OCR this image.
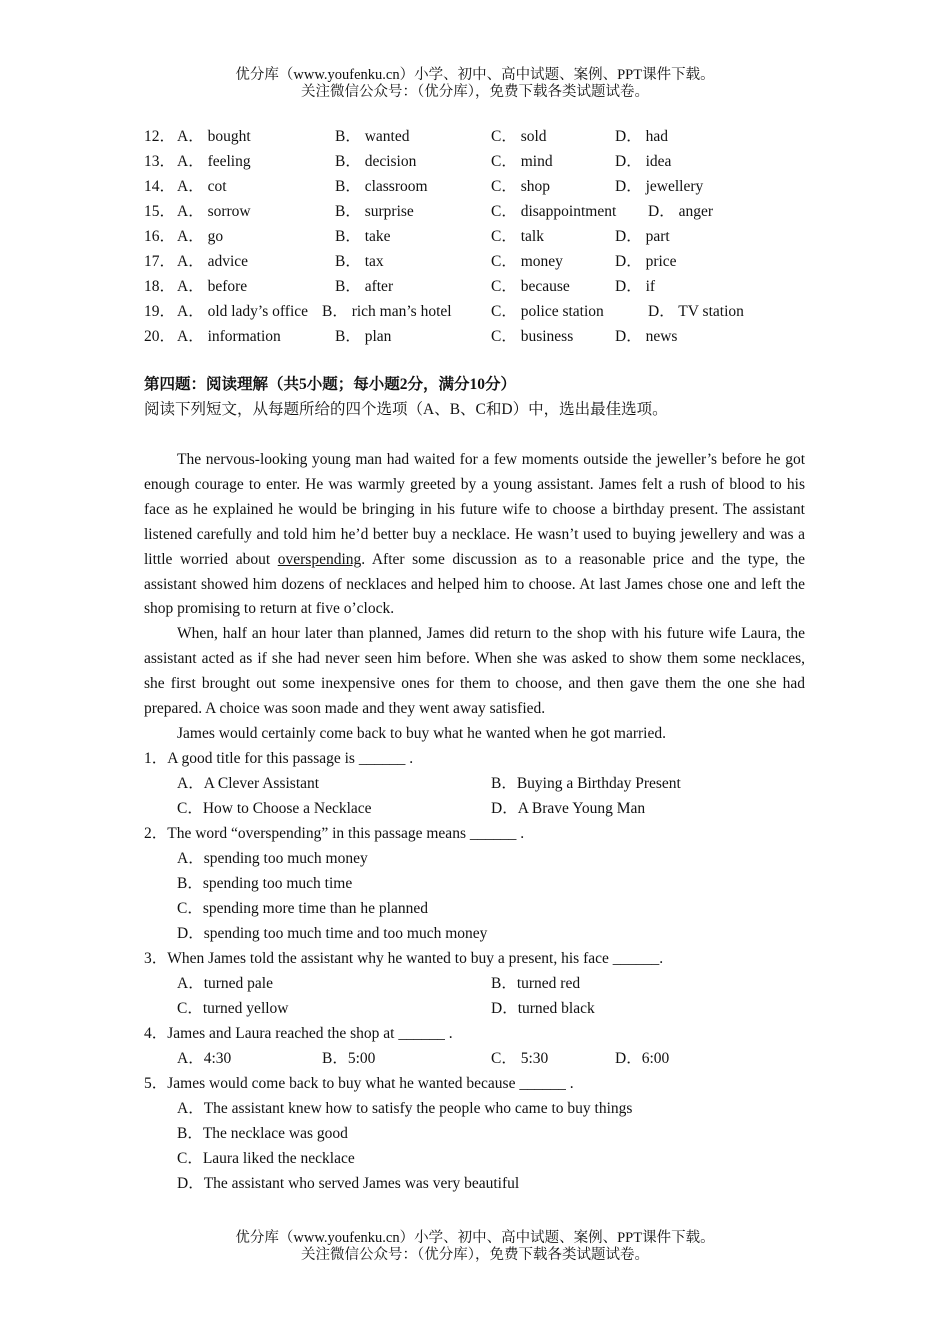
优分库（www.youfenku.cn）小学、初中、高中试题、案例、PPT课件下载。
关注微信公众号：（优分库），免费下载各类试题试卷。
12． A． bought	B． wanted	C． sold	D． had
13． A． feeling	B． decision	C． mind	D． idea
14． A． cot	B． classroom	C． shop	D． jewellery
15． A． sorrow	B． surprise	C． disappointment D． anger
16． A． go	B． take	C． talk	D． part
17． A． advice	B． tax	C． money	D． price
18． A． before	B． after	C． because	D． if
19． A． old lady’s office B． rich man’s hotel	C． police station	D． TV station
20． A． information	B． plan	C． business	D． news
第四题：阅读理解（共5小题；每小题2分，满分10分）
阅读下列短文，从每题所给的四个选项（A、B、C和D）中，选出最佳选项。

The nervous-looking young man had waited for a few moments outside the jeweller’s before he got enough courage to enter. He was warmly greeted by a young assistant. James felt a rush of blood to his face as he explained he would be bringing in his future wife to choose a birthday present. The assistant listened carefully and told him he’d better buy a necklace. He wasn’t used to buying jewellery and was a little worried about overspending. After some discussion as to a reasonable price and the type, the assistant showed him dozens of necklaces and helped him to choose. At last James chose one and left the shop promising to return at five o’clock.

When, half an hour later than planned, James did return to the shop with his future wife Laura, the assistant acted as if she had never seen him before. When she was asked to show them some necklaces, she first brought out some inexpensive ones for them to choose, and then gave them the one she had prepared. A choice was soon made and they went away satisfied.

James would certainly come back to buy what he wanted when he got married.

1．A good title for this passage is ______ .
A．A Clever Assistant	B．Buying a Birthday Present
C．How to Choose a Necklace	D．A Brave Young Man
2．The word “overspending” in this passage means ______ .
A．spending too much money
B．spending too much time
C．spending more time than he planned
D．spending too much time and too much money
3．When James told the assistant why he wanted to buy a present, his face ______.
A．turned pale	B．turned red
C．turned yellow	D．turned black
4．James and Laura reached the shop at ______ .
A．4:30	B．5:00	C． 5:30	D．6:00
5．James would come back to buy what he wanted because ______ .
A．The assistant knew how to satisfy the people who came to buy things
B．The necklace was good
C．Laura liked the necklace
D．The assistant who served James was very beautiful
优分库（www.youfenku.cn）小学、初中、高中试题、案例、PPT课件下载。
关注微信公众号：（优分库），免费下载各类试题试卷。
